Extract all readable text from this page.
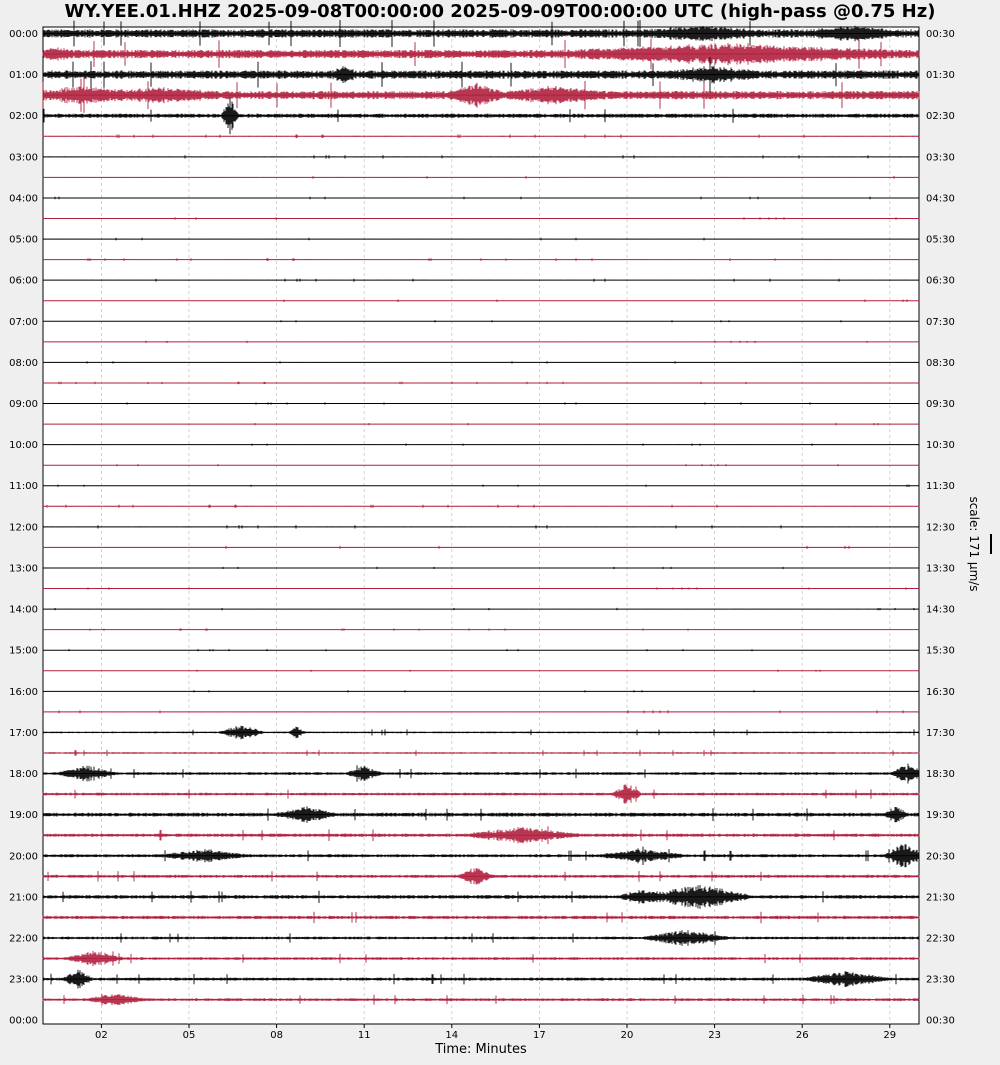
WY.YEE.01.HHZ 2025-09-08T00:00:00 2025-09-09T00:00:00 UTC (high-pass @0.75 Hz)
02	05	08	11	14	17	20	23	26	29
00:00	00:30
01:00	01:30
02:00	02:30
03:00	03:30
04:00	04:30
05:00	05:30
06:00	06:30
07:00	07:30
08:00	08:30
09:00	09:30
10:00	10:30
11:00	11:30
12:00	12:30
13:00	13:30
14:00	14:30
15:00	15:30
16:00	16:30
17:00	17:30
18:00	18:30
19:00	19:30
20:00	20:30
21:00	21:30
22:00	22:30
23:00	23:30
00:00	00:30
scale: 171 μm/s
Time: Minutes
